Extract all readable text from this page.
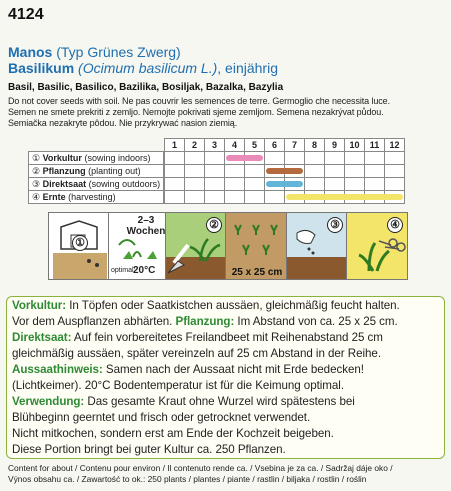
4124
Manos (Typ Grünes Zwerg)
Basilikum (Ocimum basilicum L.), einjährig
Basil, Basilic, Basilico, Bazilika, Bosiljak, Bazalka, Bazylia
Do not cover seeds with soil. Ne pas couvrir les semences de terre. Germoglio che necessita luce.
Semen ne smete prekriti z zemljo. Nemojte pokrivati sjeme zemljom. Semena nezakrývat půdou.
Semiačka nezakryte pôdou. Nie przykrywać nasion ziemią.
1	2	3	4	5	6	7	8	9	10	11	12
① Vorkultur (sowing indoors)
② Pflanzung (planting out)
③ Direktsaat (sowing outdoors)
④ Ernte (harvesting)
①
2–3
Wochen
optimal:
20°C
②
25 x 25 cm
③	④
Vorkultur: In Töpfen oder Saatkistchen aussäen, gleichmäßig feucht halten.
Vor dem Auspflanzen abhärten. Pflanzung: Im Abstand von ca. 25 x 25 cm.
Direktsaat: Auf fein vorbereitetes Freilandbeet mit Reihenabstand 25 cm
gleichmäßig aussäen, später vereinzeln auf 25 cm Abstand in der Reihe.
Aussaathinweis: Samen nach der Aussaat nicht mit Erde bedecken!
(Lichtkeimer). 20°C Bodentemperatur ist für die Keimung optimal.
Verwendung: Das gesamte Kraut ohne Wurzel wird spätestens bei
Blühbeginn geerntet und frisch oder getrocknet verwendet.
Nicht mitkochen, sondern erst am Ende der Kochzeit beigeben.
Diese Portion bringt bei guter Kultur ca. 250 Pflanzen.
Content for about / Contenu pour environ / Il contenuto rende ca. / Vsebina je za ca. / Sadržaj dáje oko /
Výnos obsahu ca. / Zawartość to ok.: 250 plants / plantes / piante / rastlin / biljaka / rostlin / roślin
